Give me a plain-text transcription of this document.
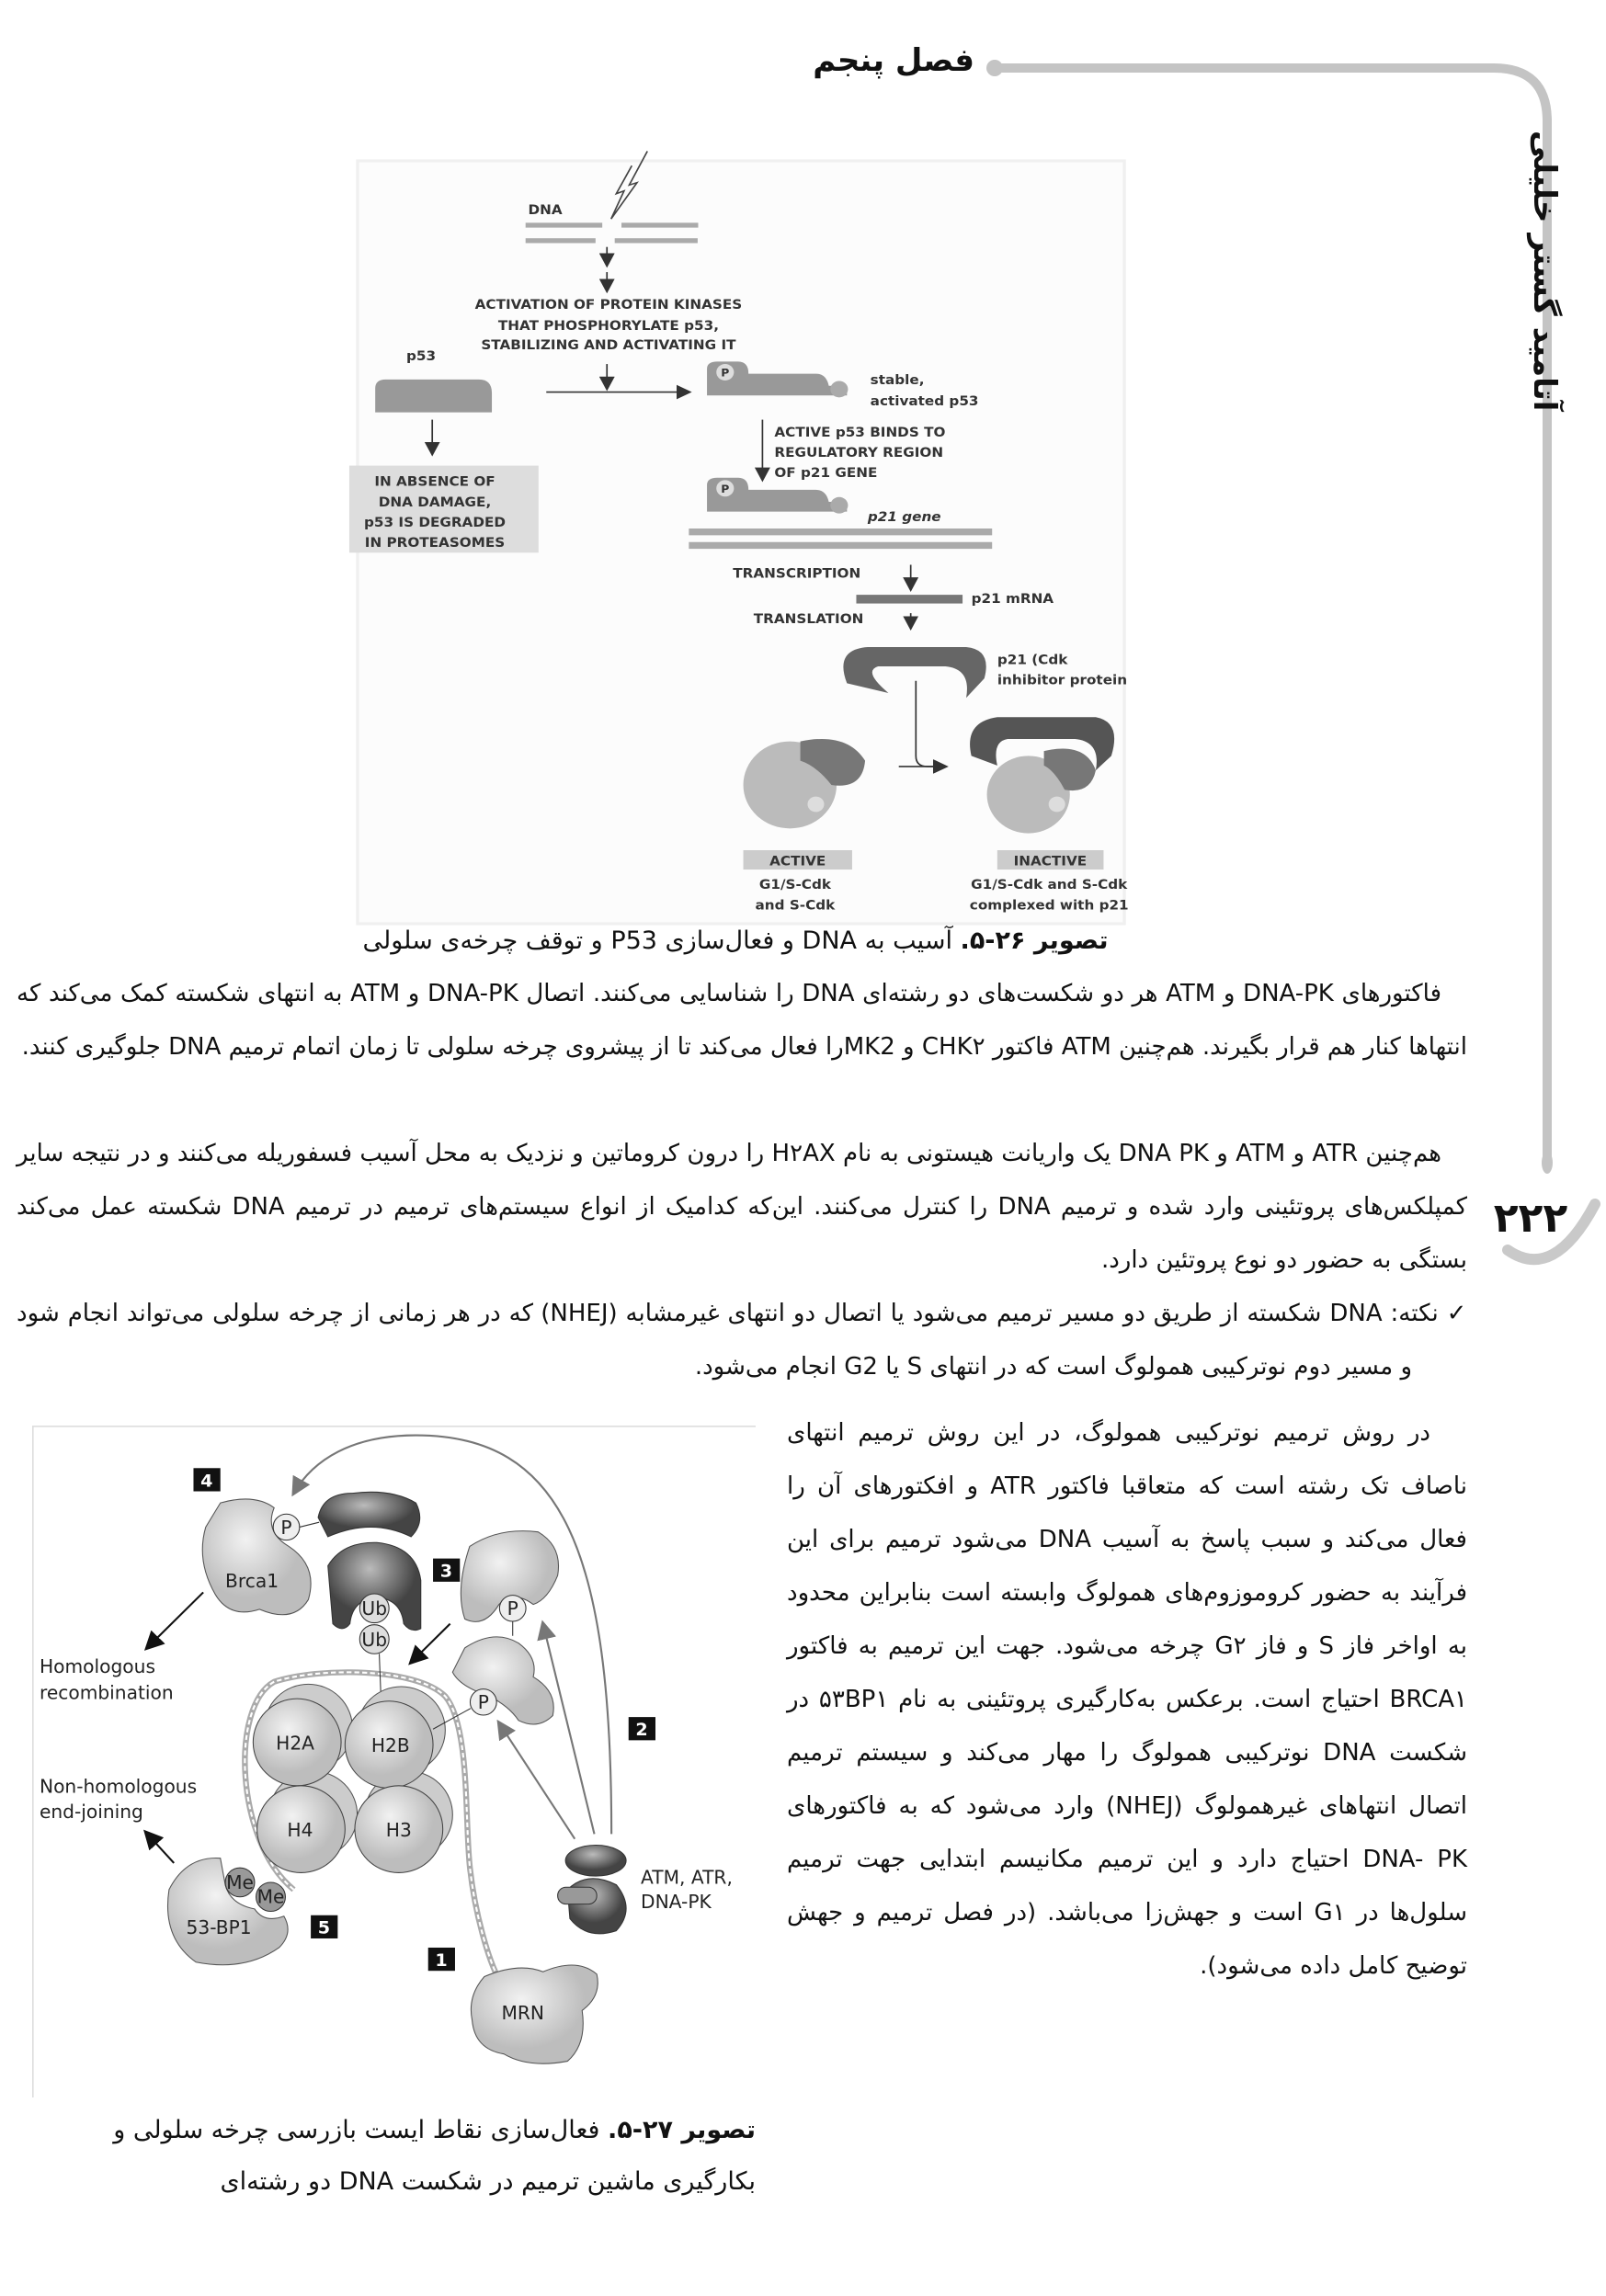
فصل پنجم
آتامید گستر خلیلی
۲۲۲
DNA
ACTIVATION OF PROTEIN KINASES
THAT PHOSPHORYLATE p53,
STABILIZING AND ACTIVATING IT
p53
IN ABSENCE OF
DNA DAMAGE,
p53 IS DEGRADED
IN PROTEASOMES
P	stable,
activated p53
ACTIVE p53 BINDS TO
REGULATORY REGION
OF p21 GENE
P
p21 gene
TRANSCRIPTION
p21 mRNA
TRANSLATION
p21 (Cdk
inhibitor protein
ACTIVE
G1/S-Cdk
and S-Cdk
INACTIVE
G1/S-Cdk and S-Cdk
complexed with p21
تصویر ۲۶-۵. آسیب به DNA و فعال‌سازی P53 و توقف چرخه‌ی سلولی
فاکتورهای DNA-PK و ATM هر دو شکست‌های دو رشته‌ای DNA را شناسایی می‌کنند. اتصال DNA-PK و ATM به انتهای شکسته کمک می‌کند که انتهاها کنار هم قرار بگیرند. هم‌چنین ATM فاکتور CHK۲ و MK2را فعال می‌کند تا از پیشروی چرخه سلولی تا زمان اتمام ترمیم DNA جلوگیری کنند.
هم‌چنین ATR و ATM و DNA PK یک واریانت هیستونی به نام H۲AX را درون کروماتین و نزدیک به محل آسیب فسفوریله می‌کنند و در نتیجه سایر کمپلکس‌های پروتئینی وارد شده و ترمیم DNA را کنترل می‌کنند. این‌که کدامیک از انواع سیستم‌های ترمیم در ترمیم DNA شکسته عمل می‌کند بستگی به حضور دو نوع پروتئین دارد.
✓ نکته: DNA شکسته از طریق دو مسیر ترمیم می‌شود یا اتصال دو انتهای غیرمشابه (NHEJ) که در هر زمانی از چرخه سلولی می‌تواند انجام شود و مسیر دوم نوترکیبی همولوگ است که در انتهای S یا G2 انجام می‌شود.
Brca1
P
Ub
Ub
H2A H2B
H4 H3
P
P
53-BP1
Me
Me
ATM, ATR,
DNA-PK
MRN
Homologous
recombination
Non-homologous
end-joining
4
3
2
5
1
تصویر ۲۷-۵. فعال‌سازی نقاط ایست بازرسی چرخه سلولی و بکارگیری ماشین ترمیم در شکست DNA دو رشته‌ای
در روش ترمیم نوترکیبی همولوگ، در این روش ترمیم انتهای ناصاف تک رشته است که متعاقبا فاکتور ATR و افکتورهای آن را فعال می‌کند و سبب پاسخ به آسیب DNA می‌شود ترمیم برای این فرآیند به حضور کروموزوم‌های همولوگ وابسته است بنابراین محدود به اواخر فاز S و فاز G۲ چرخه می‌شود. جهت این ترمیم به فاکتور BRCA۱ احتیاج است. برعکس به‌کارگیری پروتئینی به نام ۵۳BP۱ در شکست DNA نوترکیبی همولوگ را مهار می‌کند و سیستم ترمیم اتصال انتهاهای غیرهمولوگ (NHEJ) وارد می‌شود که به فاکتورهای DNA- PK احتیاج دارد و این ترمیم مکانیسم ابتدایی جهت ترمیم سلول‌ها در G۱ است و جهش‌زا می‌باشد. (در فصل ترمیم و جهش توضیح کامل داده می‌شود).
